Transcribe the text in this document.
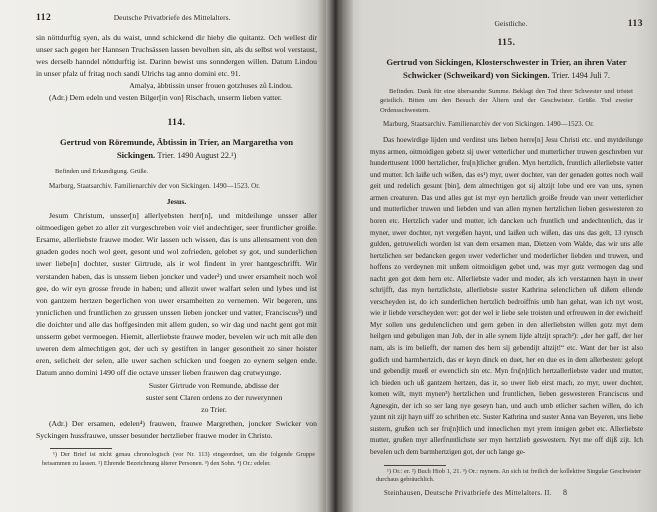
112	Deutsche Privatbriefe des Mittelalters.
sin nöttdurftig syen, als du waist, unnd schickend dir hieby die quitantz. Och wellest dir unser sach gegen her Hannsen Truchsässen lassen bevolhen sin, als du selbst wol verstaust, wes derselb hanndel nöttdurftig ist. Darinn bewist uns sonndergen willen. Datum Lindou in unser pfalz uf fritag noch sandi Ulrichs tag anno domini etc. 91.
Amalya, äbbtissin unser frouen gotzhuses zů Lindou.
(Adr.) Dem edeln und vesten Bilger[in von] Rischach, unserm lieben vatter.
114.
Gertrud von Röremunde, Äbtissin in Trier, an Margaretha von Sickingen. Trier. 1490 August 22.¹)
Befinden und Erkundigung. Grüße.
Marburg, Staatsarchiv. Familienarchiv der von Sickingen. 1490—1523. Or.
Jesus.
Jesum Christum, unsser[n] allerlyebsten herr[n], und mitdeilunge unsser aller oitmoedigen gebet zo aller zit vurgeschreben voir viel andechtiger, seer fruntlicher groiße. Ersame, allerliebste frauwe moder. Wir lassen uch wissen, das is uns allensament von den gnaden godes noch wol geet, gesont und wol zofrieden, gelobet sy got, und sunderlichen uwer liebe[n] dochter, suster Girtrude, als ir wol findent in yrer hantgeschrifft. Wir verstanden haben, das is unssem lieben joncker und vader²) und uwer ersamheit noch wol gee, do wir eyn grosse freude in haben; und allezit uwer walfart selen und lybes und ist von gantzem hertzen begerlichen von uwer ersamheiten zo vernemen. Wir begeren, uns ynniclichen und fruntlichen zo grussen unssen lieben joncker und vatter, Franciscus³) und die doichter und alle das hoffgesinden mit allem guden, so wir dag und nacht gent got mit unsserm gebet vermoegen. Hiemit, allerliebste frauwe moder, bevelen wir uch mit alle den uweren dem almechtigen got, der uch sy gestiften in langer gesontheit zo siner hoister eren, selicheit der selen, alle uwer sachen schicken und foegen zo eynem selgen ende. Datum anno domini 1490 off die octave unsser lieben frauwen dag crutwyunge.
Suster Girtrude von Remunde, abdisse der
suster sent Claren ordens zo der ruwerynnen
zo Trier.
(Adr.) Der ersamen, edelen⁴) frauwen, frauwe Margrethen, joncker Swicker von Syckingen hussfrauwe, unsser besunder hertzlieber frauwe moder in Christo.
¹) Der Brief ist nicht genau chronologisch (vor Nr. 113) eingeordnet, um die folgende Gruppe beisammen zu lassen. ²) Ehrende Bezeichnung älterer Personen. ³) den Sohn. ⁴) Or.: edeler.
Geistliche.	113
115.
Gertrud von Sickingen, Klosterschwester in Trier, an ihren Vater Schwicker (Schweikard) von Sickingen. Trier. 1494 Juli 7.
Befinden. Dank für eine übersandte Summe. Beklagt den Tod ihrer Schwester und tröstet geistlich. Bitten um den Besuch der Ältern und der Geschwister. Grüße. Tod zweier Ordensschwestern.
Marburg, Staatsarchiv. Familienarchiv der von Sickingen. 1490—1523. Or.
Das hoewirdige lijden und verdinst uns lieben herre[n] Jesu Christi etc. und mytdeilunge myns armen, oitmoidigen gebetz sij uwer vetterlicher und mutterlicher truwen geschreben vur hunderttusent 1000 hertzlicher, fru[n]tlicher grußen. Myn hertzlich, fruntlich allerliebste vatter und mutter. Ich laiße uch wißen, das es¹) myr, uwer dochter, van der genaden gottes noch wail geit und redelich gesunt [bin], dem almechtigen got sij altzijt lobe und ere van uns, synen armen creaturen. Das und alles gut ist myr eyn hertzlich groiße freude van uwer vetterlicher und mutterlicher truwen und liebden und van allen mynen hertzlichen lieben geswesteren zo horen etc. Hertzlich vader und mutter, ich dancken uch fruntlich und andechtenlich, das ir myner, uwer dochter, nyt vergeßen haynt, und laißen uch wißen, das uns das gelt, 13 rynsch gulden, getruwelich worden ist van dem ersamen man, Dietzen vom Walde, das wir uns alle hertzlichen ser bedancken gegen uwer vederlicher und moderlicher liebden und truwen, und hoffens zo verdeynen mit unßem oitmoidigen gebet und, was myr gutz vermogen dag und nacht gen got dem hern etc. Allerliebste vader und moder, als ich verstannen hayn in uwer schrijfft, das myn hertzlichste, allerliebste suster Kathrina selenclichen uß dißem ellende verscheyden ist, do ich sunderlichen hertzlich bedroiffnis umb han gehat, wan ich nyt wost, wie ir liebde verscheyden wer: got der wel ir liebe sele troisten und erfreuwen in der ewicheit! Myr sollen uns gedulenclichen und gern geben in den allerliebsten willen gotz myt dem heilgen und gebuligen man Job, der in alle synem lijde altzijt sprach²): „der her gaff, der her nam, als is im beliefft, der namen des hern sij gebendijt altzijt!“ etc. Want der her ist also gudich und barmhertzich, das er keyn dinck en duet, her en due es in dem allerbesten: gelopt und gebendijt mueß er ewenclich sin etc. Myn fru[n]tlich hertzallerliebste vader und mutter, ich bieden uch uß gantzem hertzen, das ir, so uwer lieb eirst mach, zo myr, uwer dochter, komen wilt, mytt mynen³) hertzlichen und fruntlichen, lieben geswesteren Franciscus und Agnesgin, der ich so ser lang nye geseyn han, und auch umb etlicher sachen willen, do ich yzunt nit zijt hayn uiff zo schriben etc. Suster Kathrina und suster Anna van Beyeren, uns liebe sustern, grußen uch ser fru[n]tlich und inneclichen myt yrem innigen gebet etc. Allerliebste mutter, grußen myr allerfruntlichste ser myn hertzlieb geswestern. Nyt me off dijß zijt. Ich bevelen uch dem barmhertzigen got, der uch lange ge-
¹) Or.: er. ²) Buch Hiob 1, 21. ³) Or.: mynem. An sich ist freilich der kollektive Singular Geschwister durchaus gebräuchlich.
Steinhausen, Deutsche Privatbriefe des Mittelalters. II.	8
